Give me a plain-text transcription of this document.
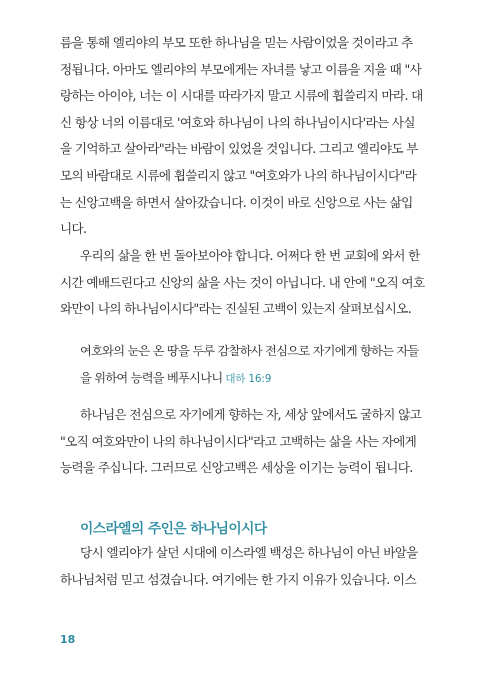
름을 통해 엘리야의 부모 또한 하나님을 믿는 사람이었을 것이라고 추
정됩니다. 아마도 엘리야의 부모에게는 자녀를 낳고 이름을 지을 때 "사
랑하는 아이야, 너는 이 시대를 따라가지 말고 시류에 휩쓸리지 마라. 대
신 항상 너의 이름대로 '여호와 하나님이 나의 하나님이시다'라는 사실
을 기억하고 살아라"라는 바람이 있었을 것입니다. 그리고 엘리야도 부
모의 바람대로 시류에 휩쓸리지 않고 "여호와가 나의 하나님이시다"라
는 신앙고백을 하면서 살아갔습니다. 이것이 바로 신앙으로 사는 삶입
니다.
우리의 삶을 한 번 돌아보아야 합니다. 어쩌다 한 번 교회에 와서 한
시간 예배드린다고 신앙의 삶을 사는 것이 아닙니다. 내 안에 "오직 여호
와만이 나의 하나님이시다"라는 진실된 고백이 있는지 살펴보십시오.
여호와의 눈은 온 땅을 두루 감찰하사 전심으로 자기에게 향하는 자들
을 위하여 능력을 베푸시나니 대하 16:9
하나님은 전심으로 자기에게 향하는 자, 세상 앞에서도 굴하지 않고
"오직 여호와만이 나의 하나님이시다"라고 고백하는 삶을 사는 자에게
능력을 주십니다. 그러므로 신앙고백은 세상을 이기는 능력이 됩니다.
이스라엘의 주인은 하나님이시다
당시 엘리야가 살던 시대에 이스라엘 백성은 하나님이 아닌 바알을
하나님처럼 믿고 섬겼습니다. 여기에는 한 가지 이유가 있습니다. 이스
18
